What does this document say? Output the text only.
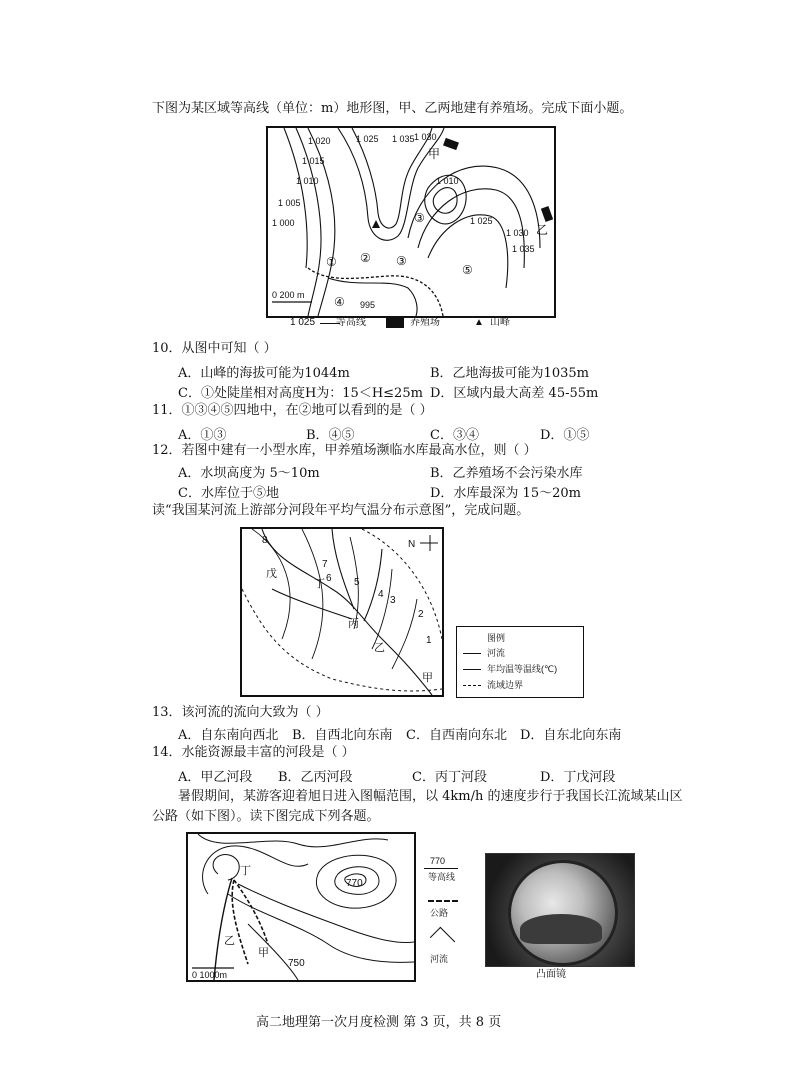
下图为某区域等高线（单位：m）地形图，甲、乙两地建有养殖场。完成下面小题。
1 020
1 015
1 010
1 005
1 000
1 025 1 035 1 030
1 010
1 025
1 030
1 035
995
① ② ③
④
⑤
③
甲
乙
0 200 m
1 025 等高线	养殖场	▲ 山峰
10．从图中可知（ ）
A．山峰的海拔可能为1044m	B．乙地海拔可能为1035m
C．①处陡崖相对高度H为：15＜H≤25m D．区域内最大高差 45-55m
11．①③④⑤四地中，在②地可以看到的是（ ）
A．①③	B．④⑤	C．③④	D．①⑤
12．若图中建有一小型水库，甲养殖场濒临水库最高水位，则（ ）
A．水坝高度为 5～10m	B．乙养殖场不会污染水库
C．水库位于⑤地	D．水库最深为 15～20m
读“我国某河流上游部分河段年平均气温分布示意图”，完成问题。
8
7
6 5
4
3
2
1
戊
丁
丙
乙
甲
N
图例
河流
年均温等温线(℃)
流域边界
13．该河流的流向大致为（ ）
A．自东南向西北 B．自西北向东南 C．自西南向东北 D．自东北向东南
14．水能资源最丰富的河段是（ ）
A．甲乙河段 B．乙丙河段	C．丙丁河段	D．丁戊河段
暑假期间，某游客迎着旭日进入图幅范围，以 4km/h 的速度步行于我国长江流域某山区
公路（如下图）。读下图完成下列各题。
770
750
丁
乙
甲
0 1000m
770
等高线
公路
河流
凸面镜
高二地理第一次月度检测 第 3 页，共 8 页
